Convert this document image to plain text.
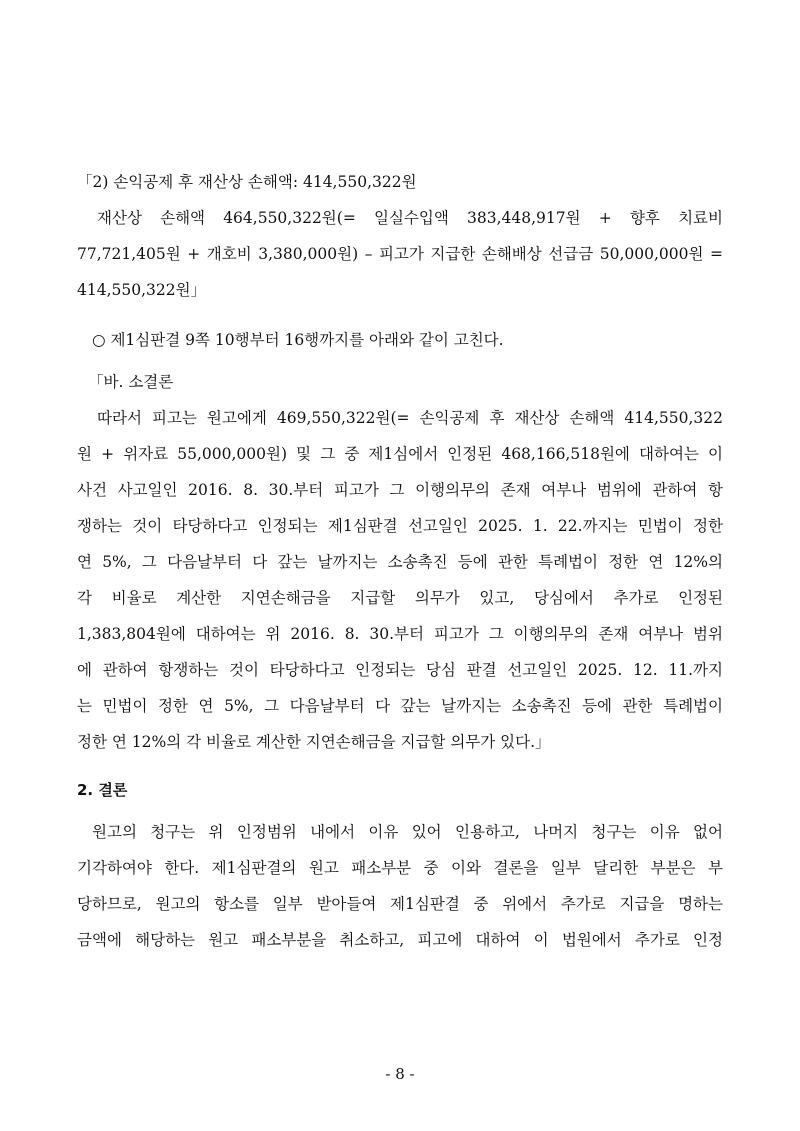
「2) 손익공제 후 재산상 손해액: 414,550,322원
재산상 손해액 464,550,322원(= 일실수입액 383,448,917원 + 향후 치료비
77,721,405원 + 개호비 3,380,000원) – 피고가 지급한 손해배상 선급금 50,000,000원 =
414,550,322원」
○ 제1심판결 9쪽 10행부터 16행까지를 아래와 같이 고친다.
「바. 소결론
따라서 피고는 원고에게 469,550,322원(= 손익공제 후 재산상 손해액 414,550,322
원 + 위자료 55,000,000원) 및 그 중 제1심에서 인정된 468,166,518원에 대하여는 이
사건 사고일인 2016. 8. 30.부터 피고가 그 이행의무의 존재 여부나 범위에 관하여 항
쟁하는 것이 타당하다고 인정되는 제1심판결 선고일인 2025. 1. 22.까지는 민법이 정한
연 5%, 그 다음날부터 다 갚는 날까지는 소송촉진 등에 관한 특례법이 정한 연 12%의
각 비율로 계산한 지연손해금을 지급할 의무가 있고, 당심에서 추가로 인정된
1,383,804원에 대하여는 위 2016. 8. 30.부터 피고가 그 이행의무의 존재 여부나 범위
에 관하여 항쟁하는 것이 타당하다고 인정되는 당심 판결 선고일인 2025. 12. 11.까지
는 민법이 정한 연 5%, 그 다음날부터 다 갚는 날까지는 소송촉진 등에 관한 특례법이
정한 연 12%의 각 비율로 계산한 지연손해금을 지급할 의무가 있다.」
2. 결론
원고의 청구는 위 인정범위 내에서 이유 있어 인용하고, 나머지 청구는 이유 없어
기각하여야 한다. 제1심판결의 원고 패소부분 중 이와 결론을 일부 달리한 부분은 부
당하므로, 원고의 항소를 일부 받아들여 제1심판결 중 위에서 추가로 지급을 명하는
금액에 해당하는 원고 패소부분을 취소하고, 피고에 대하여 이 법원에서 추가로 인정
- 8 -
